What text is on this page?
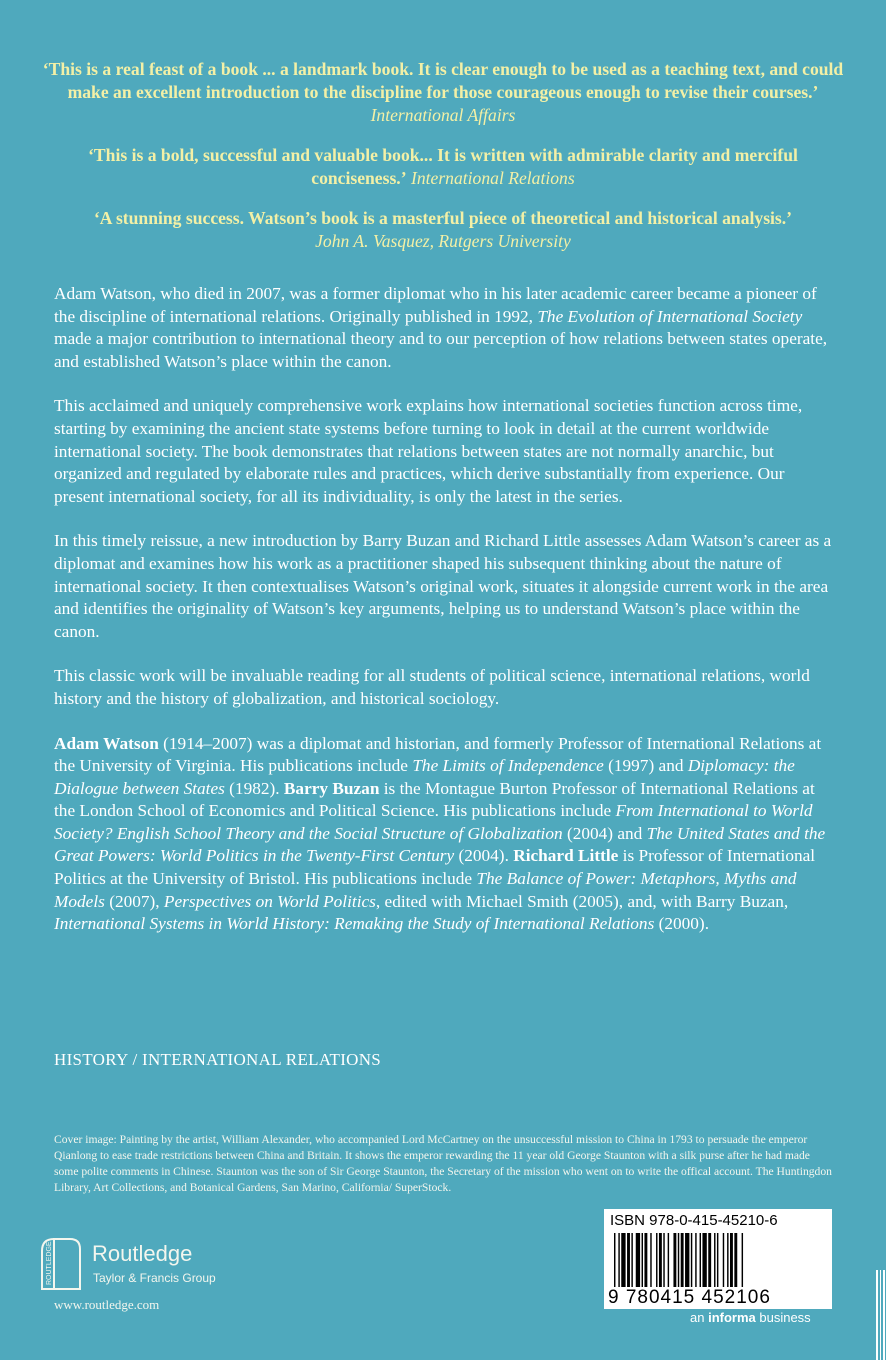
‘This is a real feast of a book ... a landmark book. It is clear enough to be used as a teaching text, and could make an excellent introduction to the discipline for those courageous enough to revise their courses.’ International Affairs
‘This is a bold, successful and valuable book... It is written with admirable clarity and merciful conciseness.’ International Relations
‘A stunning success. Watson’s book is a masterful piece of theoretical and historical analysis.’
John A. Vasquez, Rutgers University

Adam Watson, who died in 2007, was a former diplomat who in his later academic career became a pioneer of the discipline of international relations. Originally published in 1992, The Evolution of International Society made a major contribution to international theory and to our perception of how relations between states operate, and established Watson’s place within the canon.

This acclaimed and uniquely comprehensive work explains how international societies function across time, starting by examining the ancient state systems before turning to look in detail at the current worldwide international society. The book demonstrates that relations between states are not normally anarchic, but organized and regulated by elaborate rules and practices, which derive substantially from experience. Our present international society, for all its individuality, is only the latest in the series.

In this timely reissue, a new introduction by Barry Buzan and Richard Little assesses Adam Watson’s career as a diplomat and examines how his work as a practitioner shaped his subsequent thinking about the nature of international society. It then contextualises Watson’s original work, situates it alongside current work in the area and identifies the originality of Watson’s key arguments, helping us to understand Watson’s place within the canon.

This classic work will be invaluable reading for all students of political science, international relations, world history and the history of globalization, and historical sociology.

Adam Watson (1914–2007) was a diplomat and historian, and formerly Professor of International Relations at the University of Virginia. His publications include The Limits of Independence (1997) and Diplomacy: the Dialogue between States (1982). Barry Buzan is the Montague Burton Professor of International Relations at the London School of Economics and Political Science. His publications include From International to World Society? English School Theory and the Social Structure of Globalization (2004) and The United States and the Great Powers: World Politics in the Twenty-First Century (2004). Richard Little is Professor of International Politics at the University of Bristol. His publications include The Balance of Power: Metaphors, Myths and Models (2007), Perspectives on World Politics, edited with Michael Smith (2005), and, with Barry Buzan, International Systems in World History: Remaking the Study of International Relations (2000).

HISTORY / INTERNATIONAL RELATIONS
Cover image: Painting by the artist, William Alexander, who accompanied Lord McCartney on the unsuccessful mission to China in 1793 to persuade the emperor Qianlong to ease trade restrictions between China and Britain. It shows the emperor rewarding the 11 year old George Staunton with a silk purse after he had made some polite comments in Chinese. Staunton was the son of Sir George Staunton, the Secretary of the mission who went on to write the offical account. The Huntingdon Library, Art Collections, and Botanical Gardens, San Marino, California/ SuperStock.
ROUTLEDGE Routledge
Taylor & Francis Group
www.routledge.com
ISBN 978-0-415-45210-6
9 780415 452106
an informa business
